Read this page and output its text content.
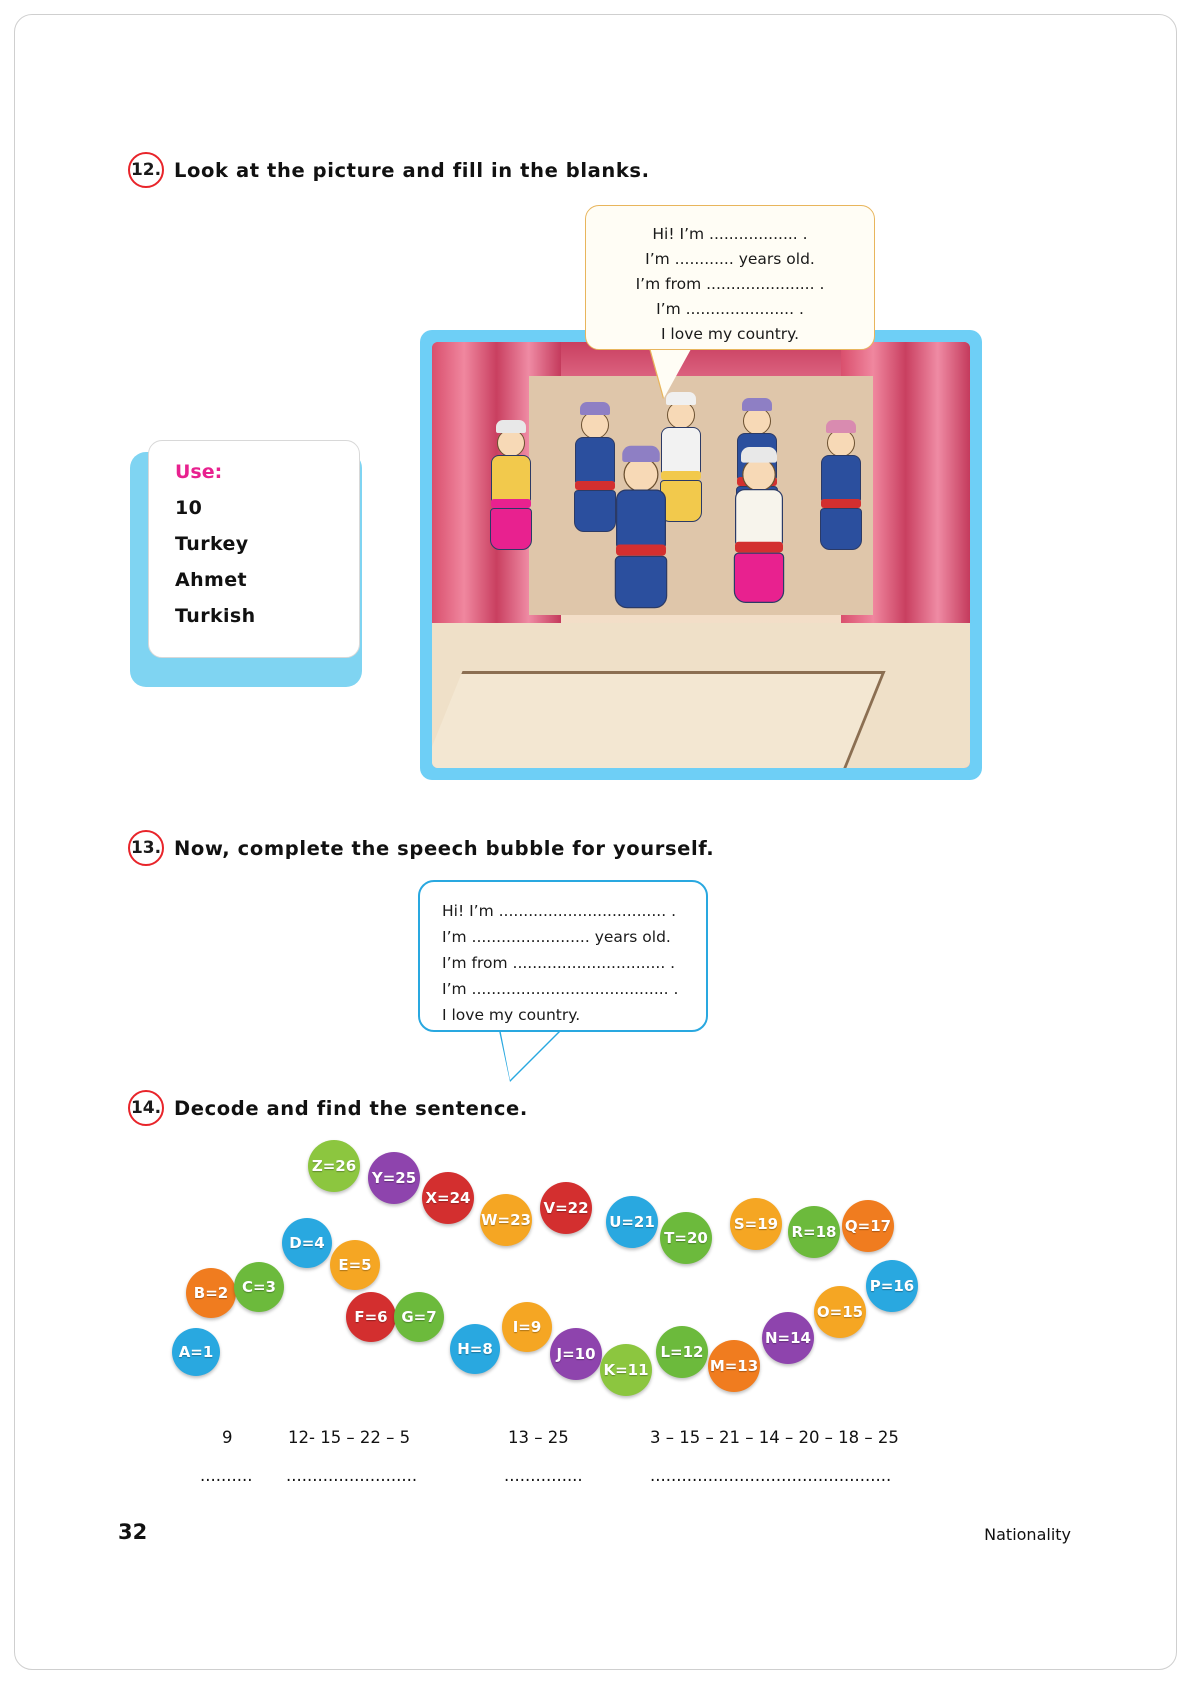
12. Look at the picture and fill in the blanks.
Use:
10
Turkey
Ahmet
Turkish
Hi! I’m .................. .
I’m ............ years old.
I’m from ...................... .
I’m ...................... .
I love my country.
13. Now, complete the speech bubble for yourself.
Hi! I’m .................................. .
I’m ........................ years old.
I’m from ............................... .
I’m ........................................ .
I love my country.
14. Decode and find the sentence.
A=1
B=2 C=3
D=4
E=5
F=6 G=7
H=8
I=9
J=10
K=11
L=12
M=13
N=14
O=15
P=16
Q=17
R=18
S=19
T=20
U=21
V=22
W=23
X=24
Y=25
Z=26
9	12- 15 – 22 – 5	13 – 25	3 – 15 – 21 – 14 – 20 – 18 – 25
.......... .........................	...............	..............................................
32	Nationality
